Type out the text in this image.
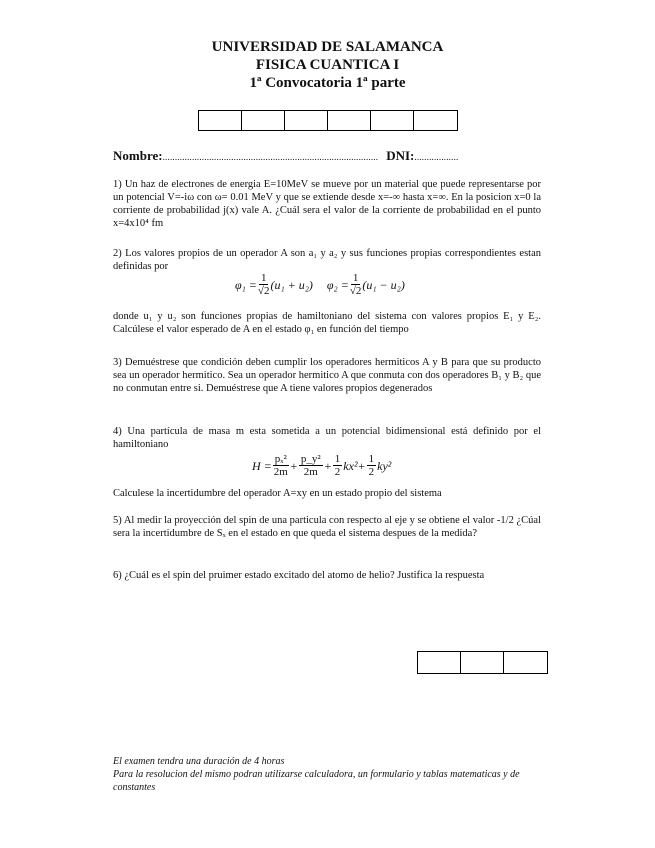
UNIVERSIDAD DE SALAMANCA
FISICA CUANTICA I
1ª Convocatoria 1ª parte
Nombre: ........................................................................................ DNI: ..................
1) Un haz de electrones de energia E=10MeV se mueve por un material que puede representarse por un potencial V=-iω con ω= 0.01 MeV y que se extiende desde x=-∞ hasta x=∞. En la posicion x=0 la corriente de probabilidad j(x) vale A. ¿Cuál sera el valor de la corriente de probabilidad en el punto x=4x10⁴ fm
2) Los valores propios de un operador A son a₁ y a₂ y sus funciones propias correspondientes estan definidas por
$\varphi_1 = \frac{1}{√2} (u_1 + u_2) \varphi_2 = \frac{1}{√2} (u_1 - u_2)$
donde u₁ y u₂ son funciones propias de hamiltoniano del sistema con valores propios E₁ y E₂. Calcúlese el valor esperado de A en el estado φ₁ en función del tiempo
3) Demuéstrese que condición deben cumplir los operadores hermiticos A y B para que su producto sea un operador hermitico. Sea un operador hermitico A que conmuta con dos operadores B₁ y B₂ que no conmutan entre si. Demuéstrese que A tiene valores propios degenerados
4) Una partícula de masa m esta sometida a un potencial bidimensional está definido por el hamiltoniano
$H = \frac{\text{pₓ²}}{2m} + \frac{\text{p\_y²}}{2m} + \frac{1}{2} kx^2 + \frac{1}{2} ky^2$
Calculese la incertidumbre del operador A=xy en un estado propio del sistema
5) Al medir la proyección del spin de una particula con respecto al eje y se obtiene el valor -1/2 ¿Cúal sera la incertidumbre de Sₓ en el estado en que queda el sistema despues de la medida?
6) ¿Cuál es el spin del pruimer estado excitado del atomo de helio? Justifica la respuesta
El examen tendra una duración de 4 horas
Para la resolucion del mismo podran utilizarse calculadora, un formulario y tablas matematicas y de constantes
